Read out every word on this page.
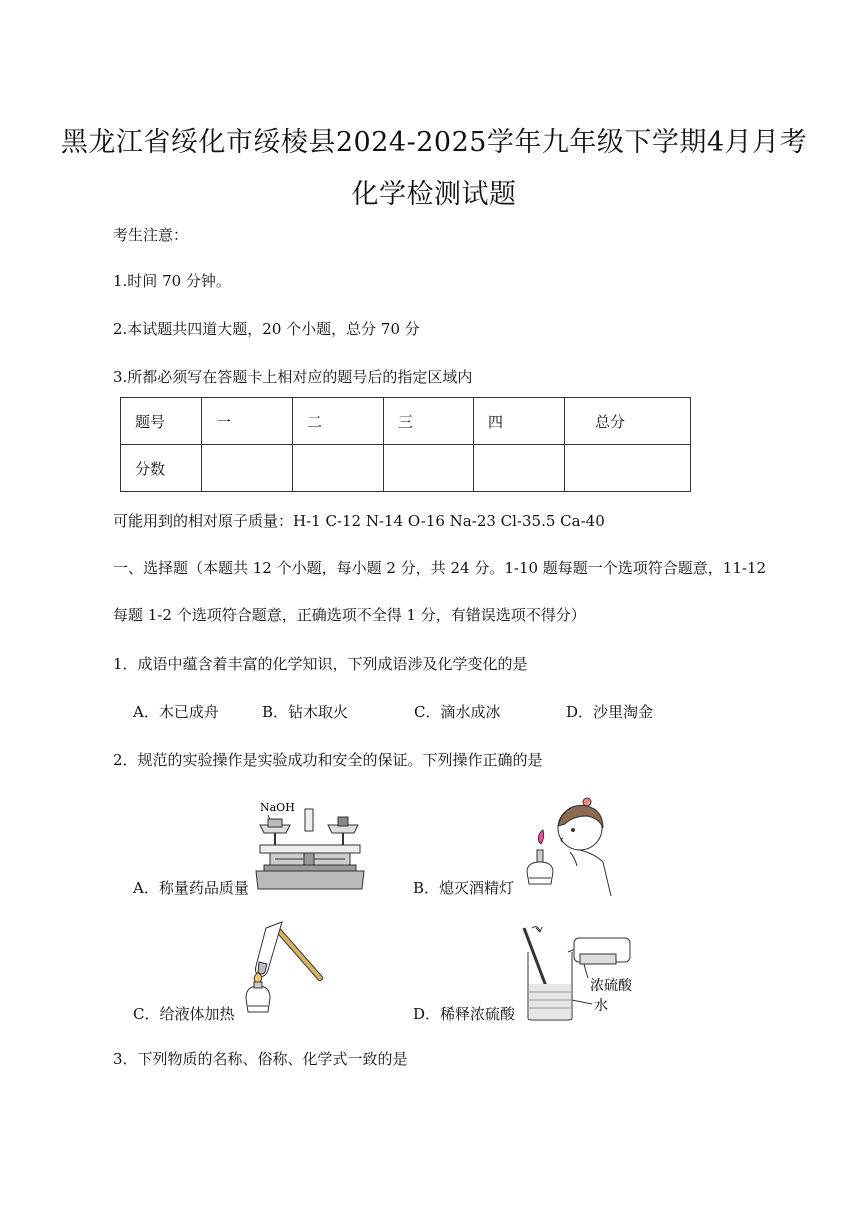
黑龙江省绥化市绥棱县2024-2025学年九年级下学期4月月考
化学检测试题
考生注意：
1.时间 70 分钟。
2.本试题共四道大题，20 个小题，总分 70 分
3.所都必须写在答题卡上相对应的题号后的指定区域内
题号	一	二	三	四	总分
分数					
可能用到的相对原子质量：H-1 C-12 N-14 O-16 Na-23 Cl-35.5 Ca-40
一、选择题（本题共 12 个小题，每小题 2 分，共 24 分。1-10 题每题一个选项符合题意，11-12
每题 1-2 个选项符合题意，正确选项不全得 1 分，有错误选项不得分）
1．成语中蕴含着丰富的化学知识，下列成语涉及化学变化的是
A．木已成舟	B．钻木取火	C．滴水成冰	D．沙里淘金
2．规范的实验操作是实验成功和安全的保证。下列操作正确的是
NaOH
A．称量药品质量	B．熄灭酒精灯
C．给液体加热
浓硫酸
水
D．稀释浓硫酸
3．下列物质的名称、俗称、化学式一致的是
